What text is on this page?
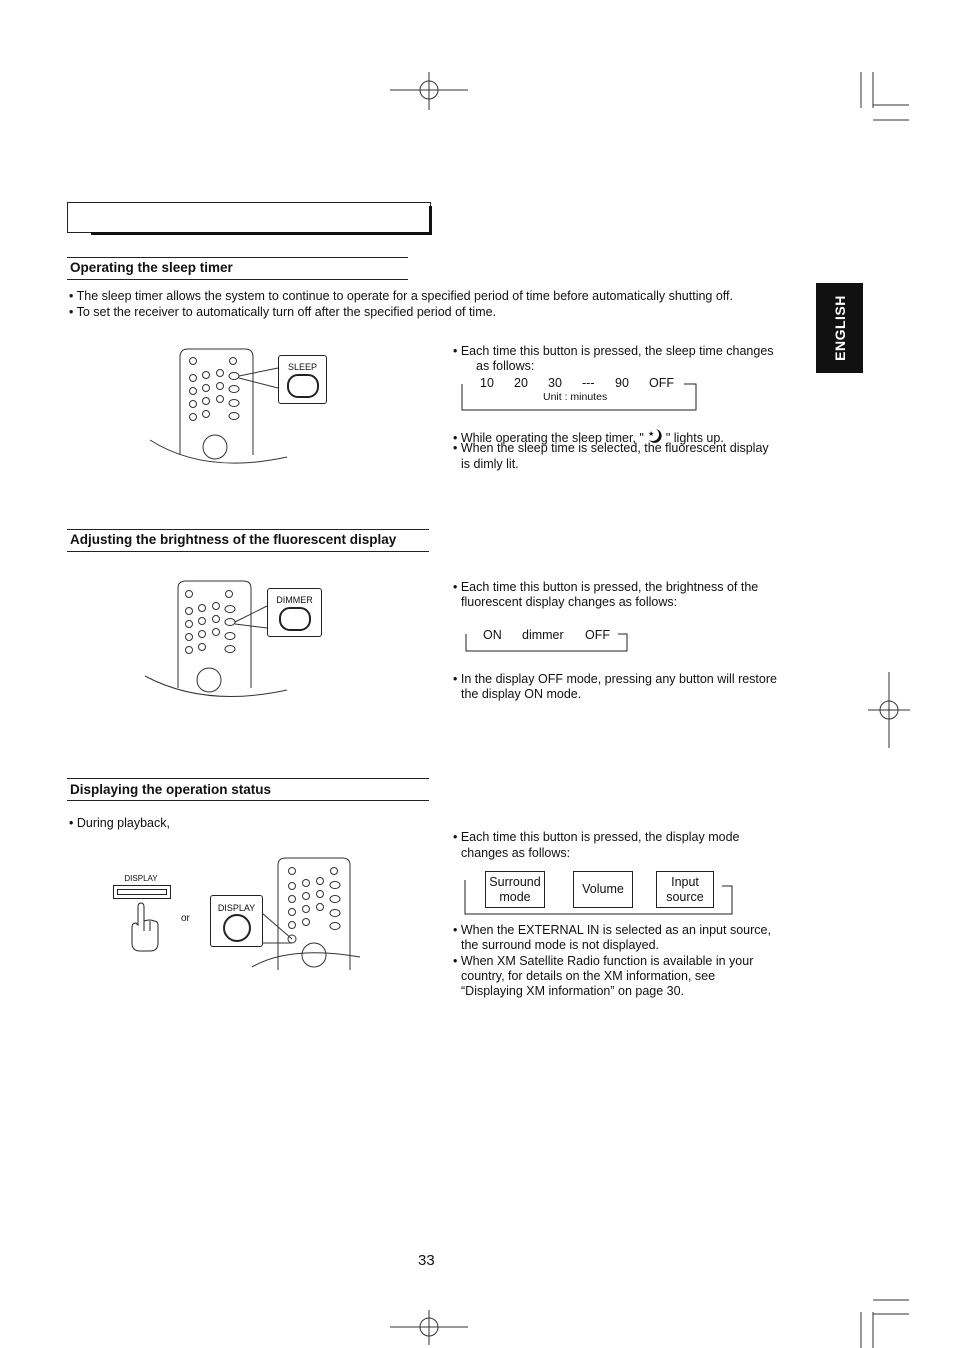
ENGLISH
Operating the sleep timer
• The sleep timer allows the system to continue to operate for a specified period of time before automatically shutting off.
• To set the receiver to automatically turn off after the specified period of time.
SLEEP
• Each time this button is pressed, the sleep time changes
as follows:
10 20 30 --- 90 OFF
Unit : minutes
• While operating the sleep timer, " ★ " lights up.
• When the sleep time is selected, the fluorescent display
is dimly lit.
Adjusting the brightness of the fluorescent display
DIMMER
• Each time this button is pressed, the brightness of the
fluorescent display changes as follows:
ON dimmer OFF
• In the display OFF mode, pressing any button will restore
the display ON mode.
Displaying the operation status
• During playback,
DISPLAY
or
DISPLAY
• Each time this button is pressed, the display mode
changes as follows:
Surround
mode
Volume
Input
source
• When the EXTERNAL IN is selected as an input source,
the surround mode is not displayed.
• When XM Satellite Radio function is available in your
country, for details on the XM information, see
“Displaying XM information” on page 30.
33
